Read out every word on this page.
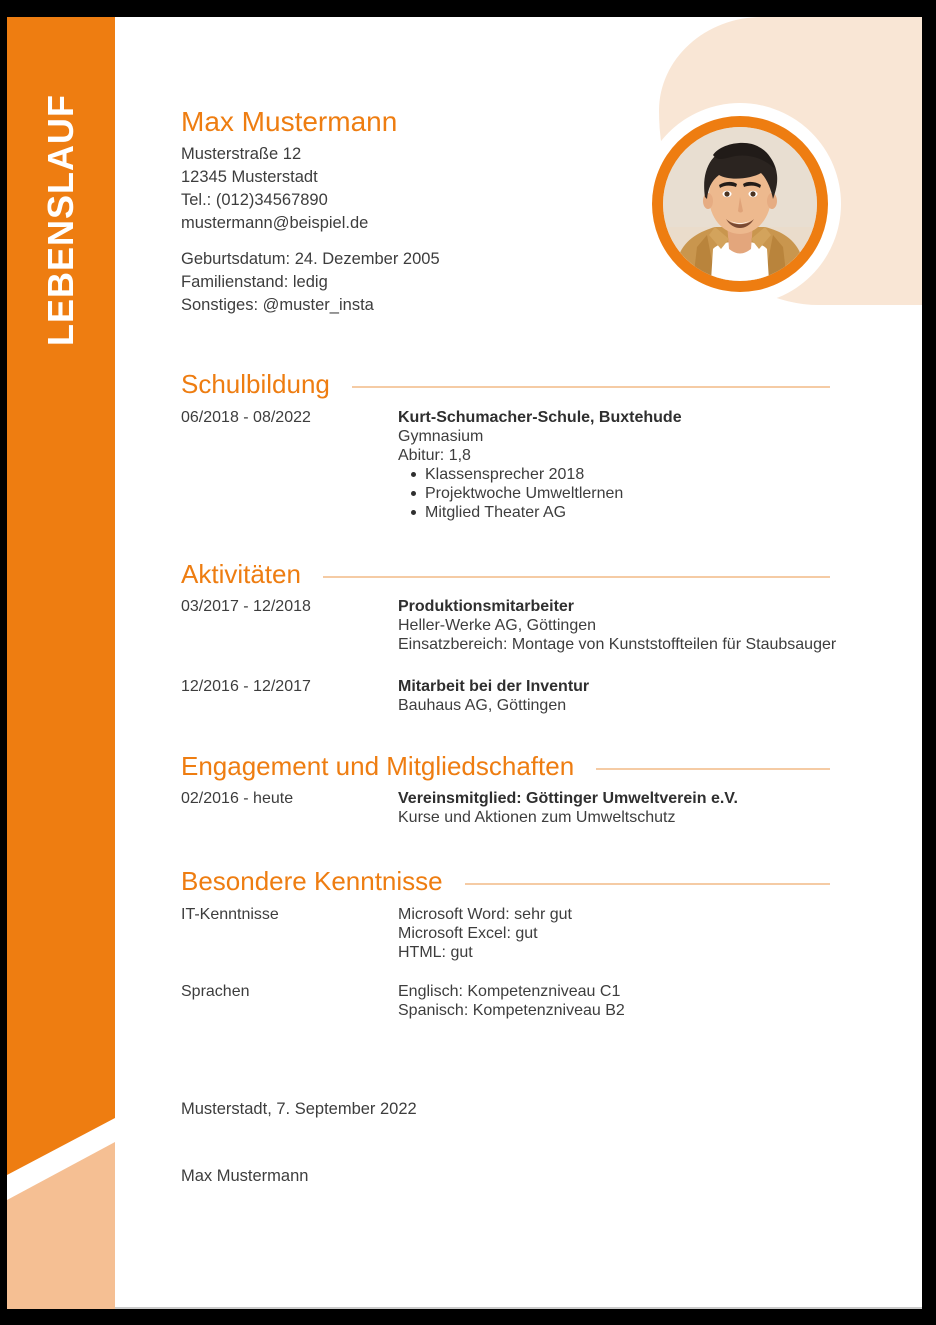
LEBENSLAUF	Max Mustermann
Musterstraße 12
12345 Musterstadt
Tel.: (012)34567890
mustermann@beispiel.de
Geburtsdatum: 24. Dezember 2005
Familienstand: ledig
Sonstiges: @muster_insta
Schulbildung
06/2018 - 08/2022	Kurt-Schumacher-Schule, Buxtehude
Gymnasium
Abitur: 1,8
Klassensprecher 2018
Projektwoche Umweltlernen
Mitglied Theater AG
Aktivitäten
03/2017 - 12/2018	Produktionsmitarbeiter
Heller-Werke AG, Göttingen
Einsatzbereich: Montage von Kunststoffteilen für Staubsauger
12/2016 - 12/2017	Mitarbeit bei der Inventur
Bauhaus AG, Göttingen
Engagement und Mitgliedschaften
02/2016 - heute	Vereinsmitglied: Göttinger Umweltverein e.V.
Kurse und Aktionen zum Umweltschutz
Besondere Kenntnisse
IT-Kenntnisse	Microsoft Word: sehr gut
Microsoft Excel: gut
HTML: gut
Sprachen	Englisch: Kompetenzniveau C1
Spanisch: Kompetenzniveau B2
Musterstadt, 7. September 2022
Max Mustermann
